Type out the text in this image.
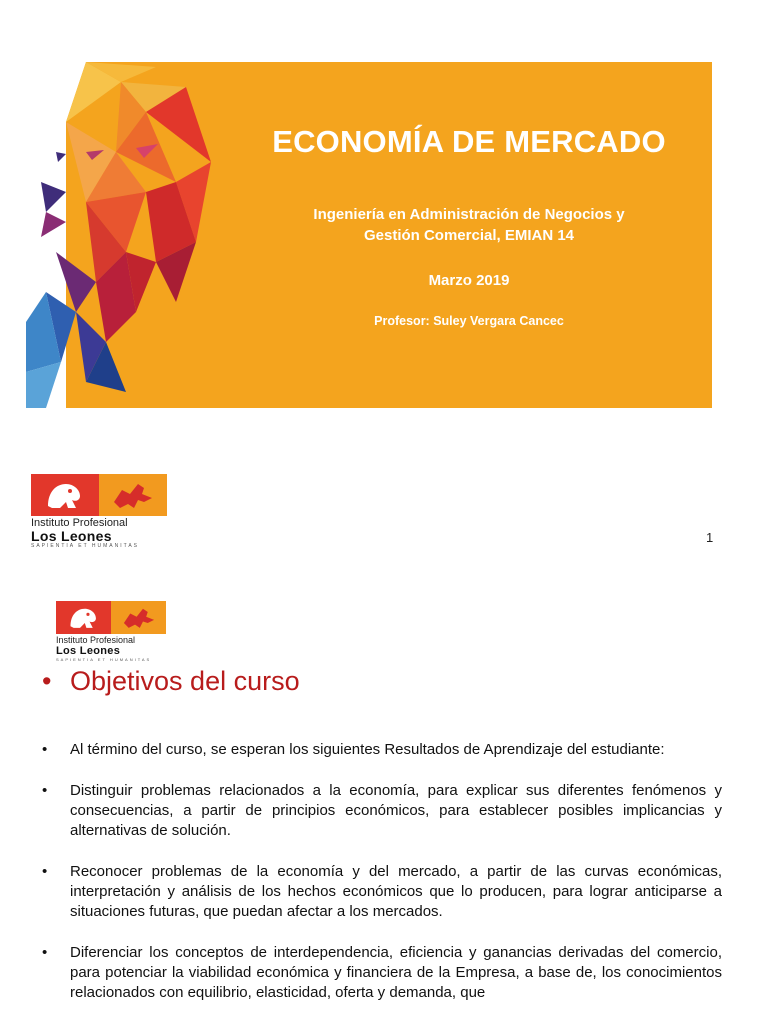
ECONOMÍA DE MERCADO
Ingeniería en Administración de Negocios y
Gestión Comercial, EMIAN 14
Marzo 2019
Profesor: Suley Vergara Cancec
Instituto Profesional
Los Leones
SAPIENTIA ET HUMANITAS
1
Instituto Profesional
Los Leones
SAPIENTIA ET HUMANITAS
• Objetivos del curso
•	Al término del curso, se esperan los siguientes Resultados de Aprendizaje del estudiante:
•	Distinguir problemas relacionados a la economía, para explicar sus diferentes fenómenos y consecuencias, a partir de principios económicos, para establecer posibles implicancias y alternativas de solución.
•	Reconocer problemas de la economía y del mercado, a partir de las curvas económicas, interpretación y análisis de los hechos económicos que lo producen, para lograr anticiparse a situaciones futuras, que puedan afectar a los mercados.
•	Diferenciar los conceptos de interdependencia, eficiencia y ganancias derivadas del comercio, para potenciar la viabilidad económica y financiera de la Empresa, a base de, los conocimientos relacionados con equilibrio, elasticidad, oferta y demanda, que
